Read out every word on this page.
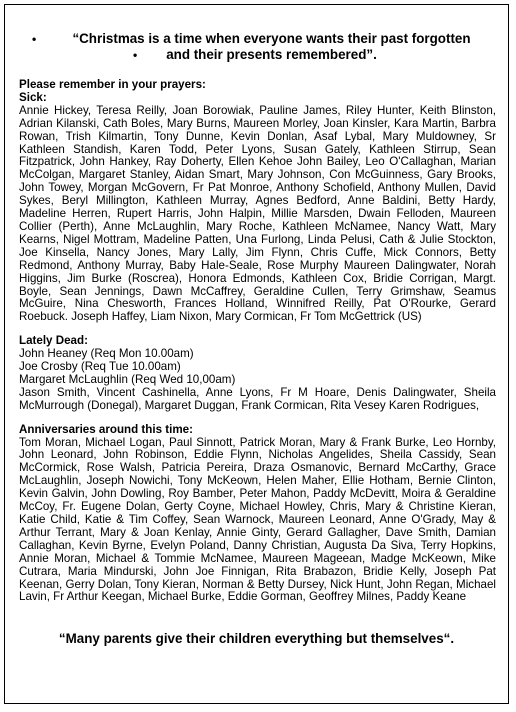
•	“Christmas is a time when everyone wants their past forgotten
• and their presents remembered”.
Please remember in your prayers:
Sick:
Annie Hickey, Teresa Reilly, Joan Borowiak, Pauline James, Riley Hunter, Keith Blinston, Adrian Kilanski, Cath Boles, Mary Burns, Maureen Morley, Joan Kinsler, Kara Martin, Barbra Rowan, Trish Kilmartin, Tony Dunne, Kevin Donlan, Asaf Lybal, Mary Muldowney, Sr Kathleen Standish, Karen Todd, Peter Lyons, Susan Gately, Kathleen Stirrup, Sean Fitzpatrick, John Hankey, Ray Doherty, Ellen Kehoe John Bailey, Leo O'Callaghan, Marian McColgan, Margaret Stanley, Aidan Smart, Mary Johnson, Con McGuinness, Gary Brooks, John Towey, Morgan McGovern, Fr Pat Monroe, Anthony Schofield, Anthony Mullen, David Sykes, Beryl Millington, Kathleen Murray, Agnes Bedford, Anne Baldini, Betty Hardy, Madeline Herren, Rupert Harris, John Halpin, Millie Marsden, Dwain Felloden, Maureen Collier (Perth), Anne McLaughlin, Mary Roche, Kathleen McNamee, Nancy Watt, Mary Kearns, Nigel Mottram, Madeline Patten, Una Furlong, Linda Pelusi, Cath & Julie Stockton, Joe Kinsella, Nancy Jones, Mary Lally, Jim Flynn, Chris Cuffe, Mick Connors, Betty Redmond, Anthony Murray, Baby Hale-Seale, Rose Murphy Maureen Dalingwater, Norah Higgins, Jim Burke (Roscrea), Honora Edmonds, Kathleen Cox, Bridie Corrigan, Margt. Boyle, Sean Jennings, Dawn McCaffrey, Geraldine Cullen, Terry Grimshaw, Seamus McGuire, Nina Chesworth, Frances Holland, Winnifred Reilly, Pat O'Rourke, Gerard Roebuck. Joseph Haffey, Liam Nixon, Mary Cormican, Fr Tom McGettrick (US)
Lately Dead:
John Heaney (Req Mon 10.00am)
Joe Crosby (Req Tue 10.00am)
Margaret McLaughlin (Req Wed 10,00am)
Jason Smith, Vincent Cashinella, Anne Lyons, Fr M Hoare, Denis Dalingwater, Sheila McMurrough (Donegal), Margaret Duggan, Frank Cormican, Rita Vesey Karen Rodrigues,
Anniversaries around this time:
Tom Moran, Michael Logan, Paul Sinnott, Patrick Moran, Mary & Frank Burke, Leo Hornby, John Leonard, John Robinson, Eddie Flynn, Nicholas Angelides, Sheila Cassidy, Sean McCormick, Rose Walsh, Patricia Pereira, Draza Osmanovic, Bernard McCarthy, Grace McLaughlin, Joseph Nowichi, Tony McKeown, Helen Maher, Ellie Hotham, Bernie Clinton, Kevin Galvin, John Dowling, Roy Bamber, Peter Mahon, Paddy McDevitt, Moira & Geraldine McCoy, Fr. Eugene Dolan, Gerty Coyne, Michael Howley, Chris, Mary & Christine Kieran, Katie Child, Katie & Tim Coffey, Sean Warnock, Maureen Leonard, Anne O'Grady, May & Arthur Terrant, Mary & Joan Kenlay, Annie Ginty, Gerard Gallagher, Dave Smith, Damian Callaghan, Kevin Byrne, Evelyn Poland, Danny Christian, Augusta Da Siva, Terry Hopkins, Annie Moran, Michael & Tommie McNamee, Maureen Mageean, Madge McKeown, Mike Cutrara, Maria Mindurski, John Joe Finnigan, Rita Brabazon, Bridie Kelly, Joseph Pat Keenan, Gerry Dolan, Tony Kieran, Norman & Betty Dursey, Nick Hunt, John Regan, Michael Lavin, Fr Arthur Keegan, Michael Burke, Eddie Gorman, Geoffrey Milnes, Paddy Keane
“Many parents give their children everything but themselves“.
